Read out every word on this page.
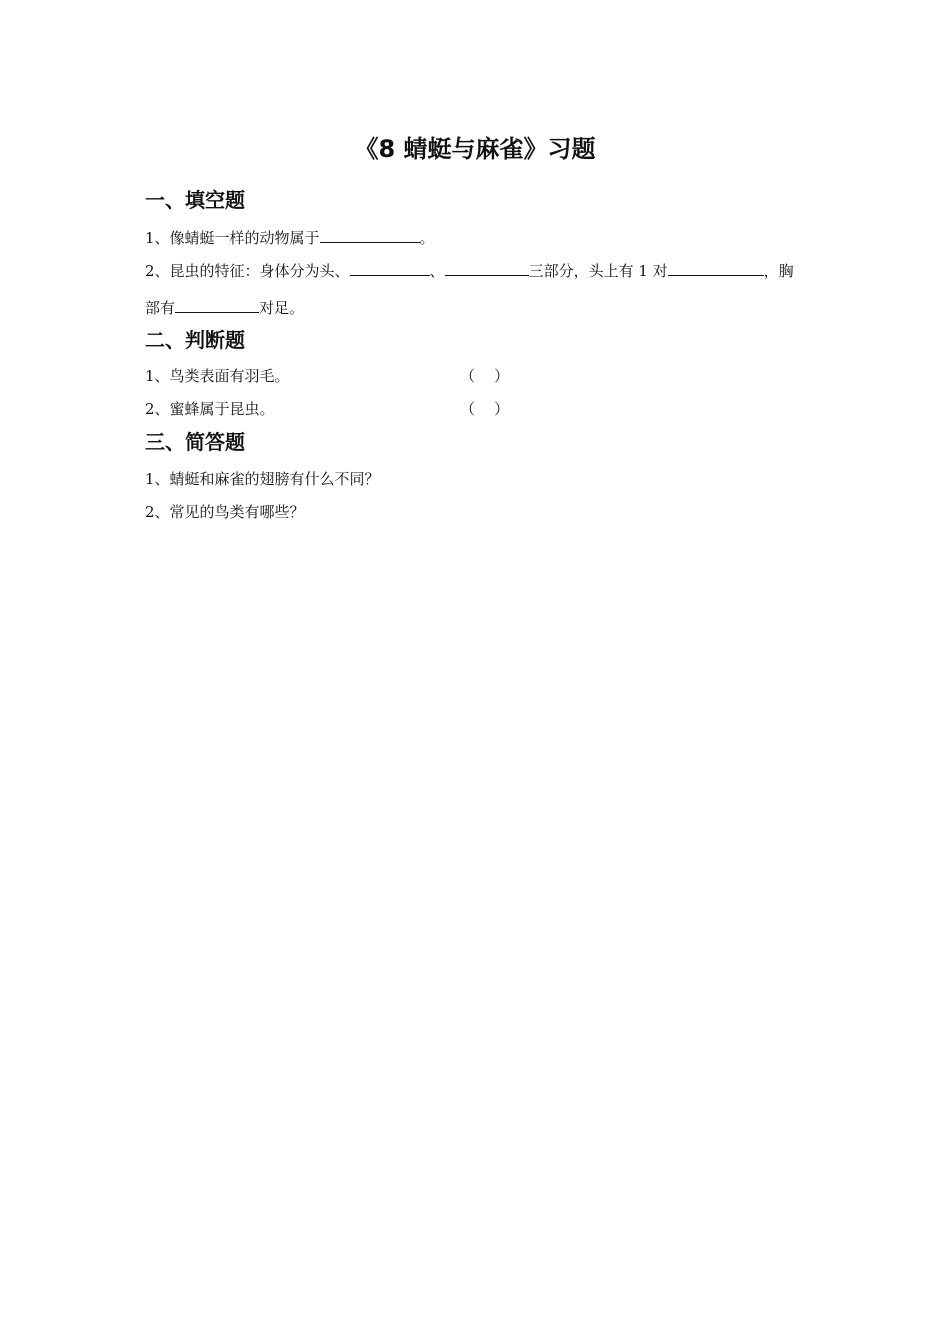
《8 蜻蜓与麻雀》习题
一、填空题
1、像蜻蜓一样的动物属于	。
2、昆虫的特征：身体分为头、	、	三部分，头上有 1 对	，胸
部有	对足。
二、判断题
1、鸟类表面有羽毛。	（    ）
2、蜜蜂属于昆虫。	（    ）
三、简答题
1、蜻蜓和麻雀的翅膀有什么不同？
2、常见的鸟类有哪些？
